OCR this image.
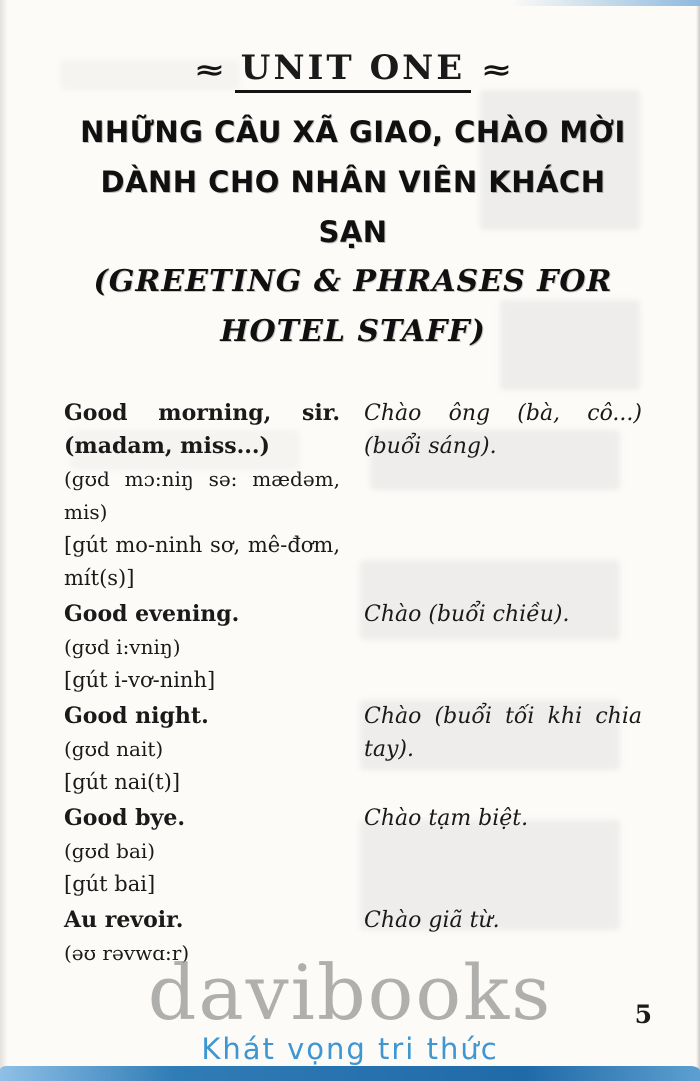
≈ UNIT ONE ≈
NHỮNG CÂU XÃ GIAO, CHÀO MỜI
DÀNH CHO NHÂN VIÊN KHÁCH SẠN
(GREETING & PHRASES FOR
HOTEL STAFF)

Good morning, sir. (madam, miss...)

(gʊd mɔ:niŋ sə: mædəm, mis)

[gút mo-ninh sơ, mê-đơm, mít(s)]

Chào ông (bà, cô...) (buổi sáng).

Good evening.

(gʊd i:vniŋ)

[gút i-vơ-ninh]

Chào (buổi chiều).

Good night.

(gʊd nait)

[gút nai(t)]

Chào (buổi tối khi chia tay).

Good bye.

(gʊd bai)

[gút bai]

Chào tạm biệt.

Au revoir.

(əʊ rəvwɑ:r)

Chào giã từ.

davibooks
Khát vọng tri thức
5
